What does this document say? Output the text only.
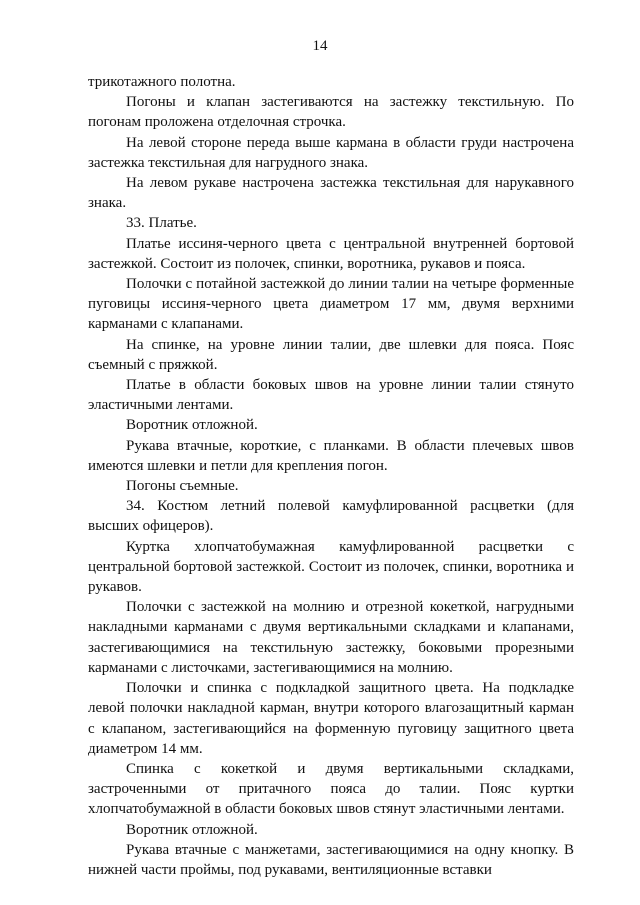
14

трикотажного полотна.

Погоны и клапан застегиваются на застежку текстильную. По погонам проложена отделочная строчка.

На левой стороне переда выше кармана в области груди настрочена застежка текстильная для нагрудного знака.

На левом рукаве настрочена застежка текстильная для нарукавного знака.

33. Платье.

Платье иссиня-черного цвета с центральной внутренней бортовой застежкой. Состоит из полочек, спинки, воротника, рукавов и пояса.

Полочки с потайной застежкой до линии талии на четыре форменные пуговицы иссиня-черного цвета диаметром 17 мм, двумя верхними карманами с клапанами.

На спинке, на уровне линии талии, две шлевки для пояса. Пояс съемный с пряжкой.

Платье в области боковых швов на уровне линии талии стянуто эластичными лентами.

Воротник отложной.

Рукава втачные, короткие, с планками. В области плечевых швов имеются шлевки и петли для крепления погон.

Погоны съемные.

34. Костюм летний полевой камуфлированной расцветки (для высших офицеров).

Куртка хлопчатобумажная камуфлированной расцветки с центральной бортовой застежкой. Состоит из полочек, спинки, воротника и рукавов.

Полочки с застежкой на молнию и отрезной кокеткой, нагрудными накладными карманами с двумя вертикальными складками и клапанами, застегивающимися на текстильную застежку, боковыми прорезными карманами с листочками, застегивающимися на молнию.

Полочки и спинка с подкладкой защитного цвета. На подкладке левой полочки накладной карман, внутри которого влагозащитный карман с клапаном, застегивающийся на форменную пуговицу защитного цвета диаметром 14 мм.

Спинка с кокеткой и двумя вертикальными складками, застроченными от притачного пояса до талии. Пояс куртки хлопчатобумажной в области боковых швов стянут эластичными лентами.

Воротник отложной.

Рукава втачные с манжетами, застегивающимися на одну кнопку. В нижней части проймы, под рукавами, вентиляционные вставки
